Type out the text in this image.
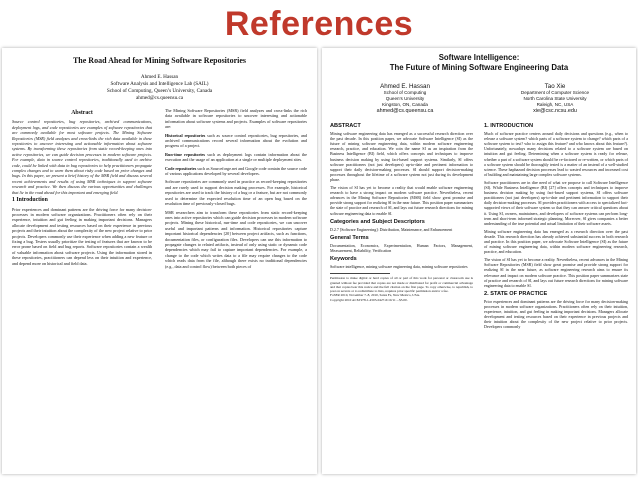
References
The Road Ahead for Mining Software Repositories
Ahmed E. Hassan
Software Analysis and Intelligence Lab (SAIL)
School of Computing, Queen’s University, Canada
ahmed@cs.queensu.ca
Abstract

Source control repositories, bug repositories, archived communications, deployment logs, and code repositories are examples of software repositories that are commonly available for most software projects. The Mining Software Repositories (MSR) field analyzes and cross-links the rich data available in these repositories to uncover interesting and actionable information about software systems. By transforming these repositories from static record-keeping ones into active repositories, we can guide decision processes in modern software projects. For example, data in source control repositories, traditionally used to archive code, could be linked with data in bug repositories to help practitioners propagate complex changes and to warn them about risky code based on prior changes and bugs. In this paper, we present a brief history of the MSR field and discuss several recent achievements and results of using MSR techniques to support software research and practice. We then discuss the various opportunities and challenges that lie in the road ahead for this important and emerging field.

1 Introduction

Prior experiences and dominant patterns are the driving force for many decision-processes in modern software organizations. Practitioners often rely on their experience, intuition and gut feeling in making important decisions. Managers allocate development and testing resources based on their experience in previous projects and their intuition about the complexity of the new project relative to prior projects. Developers commonly use their experience when adding a new feature or fixing a bug. Testers usually prioritize the testing of features that are known to be error prone based on field and bug reports. Software repositories contain a wealth of valuable information about software projects. Using the information stored in these repositories, practitioners can depend less on their intuition and experience, and depend more on historical and field data.

The Mining Software Repositories (MSR) field analyzes and cross-links the rich data available in software repositories to uncover interesting and actionable information about software systems and projects. Examples of software repositories are:

Historical repositories such as source control repositories, bug repositories, and archived communications record several information about the evolution and progress of a project.

Run-time repositories such as deployment logs contain information about the execution and the usage of an application at a single or multiple deployment sites.

Code repositories such as Sourceforge.net and Google code contain the source code of various applications developed by several developers.

Software repositories are commonly used in practice as record-keeping repositories and are rarely used to support decision making processes. For example, historical repositories are used to track the history of a bug or a feature, but are not commonly used to determine the expected resolution time of an open bug based on the resolution time of previously-closed bugs.

MSR researchers aim to transform these repositories from static record-keeping ones into active repositories which can guide decision processes in modern software projects. Mining these historical, run-time and code repositories, we can uncover useful and important patterns and information. Historical repositories capture important historical dependencies [20] between project artifacts, such as functions, documentation files, or configuration files. Developers can use this information to propagate changes to related artifacts, instead of only using static or dynamic code dependencies which may fail to capture important dependencies. For example, a change to the code which writes data to a file may require changes to the code which reads data from the file, although there exists no traditional dependencies (e.g., data and control flow) between both pieces of

Software Intelligence:
The Future of Mining Software Engineering Data
Ahmed E. Hassan
School of Computing
Queen’s University
Kingston, ON, Canada
ahmed@cs.queensu.ca
Tao Xie
Department of Computer Science
North Carolina State University
Raleigh, NC, USA
xie@csc.ncsu.edu
ABSTRACT

Mining software engineering data has emerged as a successful research direction over the past decade. In this position paper, we advocate Software Intelligence (SI) as the future of mining software engineering data, within modern software engineering research, practice, and education. We coin the name SI as an inspiration from the Business Intelligence (BI) field, which offers concepts and techniques to improve business decision making by using fact-based support systems. Similarly, SI offers software practitioners (not just developers) up-to-date and pertinent information to support their daily decision-making processes. SI should support decision-making processes throughout the lifetime of a software system not just during its development phase.

The vision of SI has yet to become a reality that would enable software engineering research to have a strong impact on modern software practice. Nevertheless, recent advances in the Mining Software Repositories (MSR) field show great promise and provide strong support for realizing SI in the near future. This position paper summarizes the state of practice and research of SI, and lays out future research directions for mining software engineering data to enable SI.

Categories and Subject Descriptors

D.2.7 [Software Engineering]: Distribution, Maintenance, and Enhancement

General Terms

Documentation, Economics, Experimentation, Human Factors, Management, Measurement, Reliability, Verification

Keywords

Software intelligence, mining software engineering data, mining software repositories

Permission to make digital or hard copies of all or part of this work for personal or classroom use is granted without fee provided that copies are not made or distributed for profit or commercial advantage and that copies bear this notice and the full citation on the first page. To copy otherwise, to republish, to post on servers or to redistribute to lists, requires prior specific permission and/or a fee.
FoSER 2010, November 7–8, 2010, Santa Fe, New Mexico, USA.
Copyright 2010 ACM 978-1-4503-0427-6/10/11 ...$5.00.
1. INTRODUCTION

Much of software practice centers around daily decisions and questions (e.g., when to release a software system? which parts of a software system to change? which parts of a software system to test? who to assign this feature? and who knows about this feature?). Unfortunately, nowadays many decisions related to a software system are based on intuition and gut feeling. Determining when a software system is ready for release, whether a part of a software system should be re-factored or re-written, or which parts of a software system should be thoroughly tested is a matter of an instead of a well-studied science. These haphazard decision processes lead to wasted resources and increased cost of building and maintaining large complex software systems.

Software practitioners are in dire need of what we propose to call Software Intelligence (SI). While Business Intelligence (BI) [27] offers concepts and techniques to improve business decision making by using fact-based support systems, SI offers software practitioners (not just developers) up-to-date and pertinent information to support their daily decision-making processes. SI provides practitioners with access to specialized fact-supported views of their software system so that they can answer critical questions about it. Using SI, owners, maintainers, and developers of software systems can perform long-term and short-term informed strategic planning. Moreover, SI gives companies a better understanding of the true potential and actual limitation of their software assets.

Mining software engineering data has emerged as a research direction over the past decade. This research direction has already achieved substantial success in both research and practice. In this position paper, we advocate Software Intelligence (SI) as the future of mining software engineering data, within modern software engineering research, practice, and education.

The vision of SI has yet to become a reality. Nevertheless, recent advances in the Mining Software Repositories (MSR) field show great promise and provide strong support for realizing SI in the near future, as software engineering research aims to ensure its relevance and impact on modern software practice. This position paper summarizes state of practice and research of SI, and lays out future research directions for mining software engineering data to enable SI.

2. STATE OF PRACTICE

Prior experiences and dominant patterns are the driving force for many decision-making processes in modern software organizations. Practitioners often rely on their intuition, experience, intuition, and gut feeling in making important decisions. Managers allocate development and testing resources based on their experience in previous projects and their intuition about the complexity of the new project relative to prior projects. Developers commonly
